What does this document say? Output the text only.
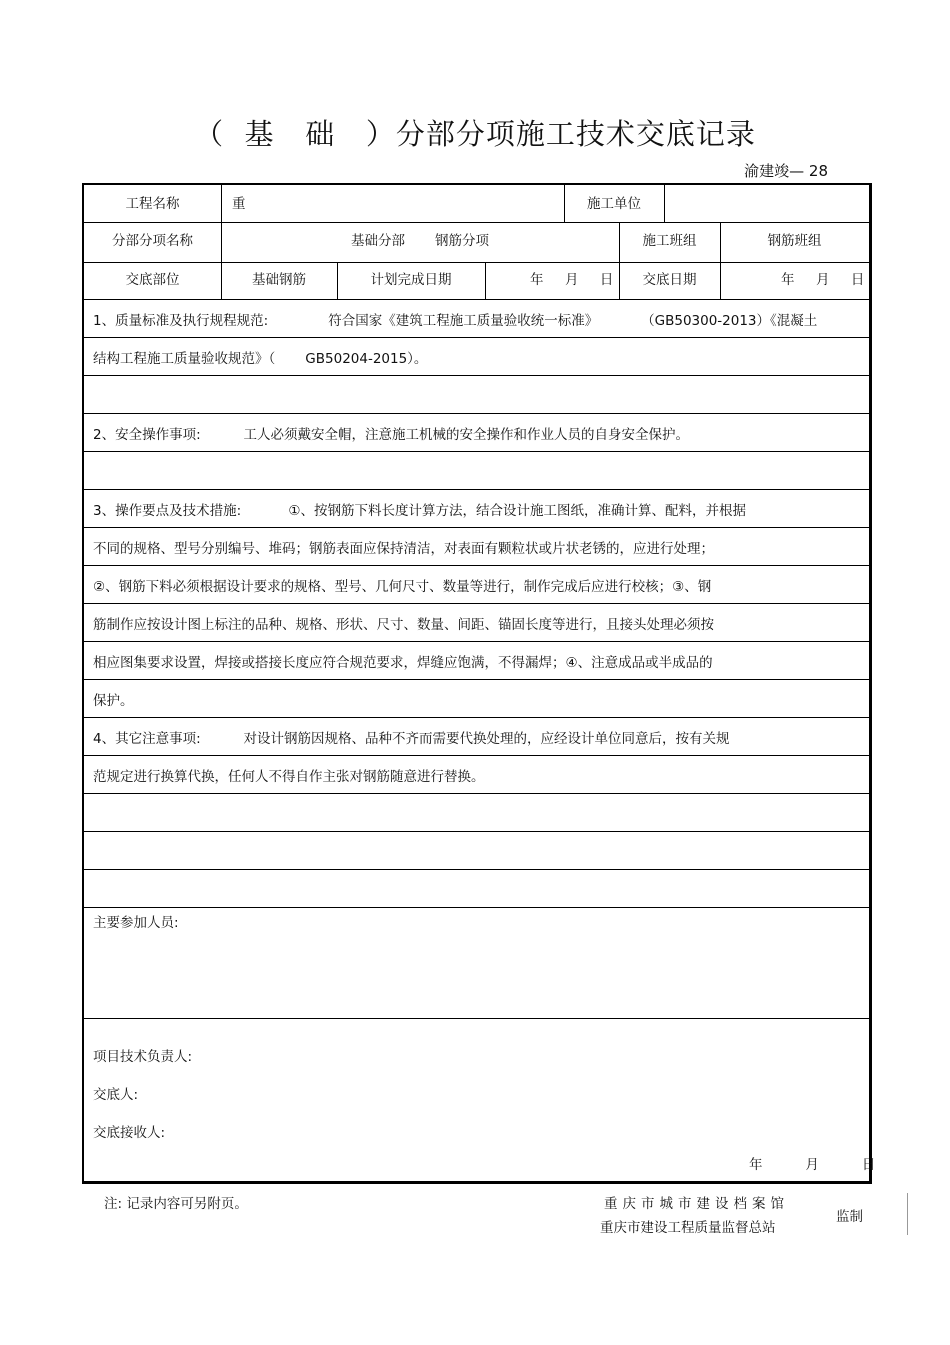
（  基   础   ）分部分项施工技术交底记录
渝建竣— 28
工程名称	重	施工单位
分部分项名称	基础分部       钢筋分项	施工班组	钢筋班组
交底部位	基础钢筋	计划完成日期	年     月     日	交底日期	年     月     日
1、质量标准及执行规程规范:              符合国家《建筑工程施工质量验收统一标准》          （GB50300-2013）《混凝土
结构工程施工质量验收规范》（       GB50204-2015）。
2、安全操作事项:          工人必须戴安全帽，注意施工机械的安全操作和作业人员的自身安全保护。
3、操作要点及技术措施:           ①、按钢筋下料长度计算方法，结合设计施工图纸，准确计算、配料，并根据
不同的规格、型号分别编号、堆码；钢筋表面应保持清洁，对表面有颗粒状或片状老锈的，应进行处理；
②、钢筋下料必须根据设计要求的规格、型号、几何尺寸、数量等进行，制作完成后应进行校核；③、钢
筋制作应按设计图上标注的品种、规格、形状、尺寸、数量、间距、锚固长度等进行，且接头处理必须按
相应图集要求设置，焊接或搭接长度应符合规范要求，焊缝应饱满，不得漏焊；④、注意成品或半成品的
保护。
4、其它注意事项:          对设计钢筋因规格、品种不齐而需要代换处理的，应经设计单位同意后，按有关规
范规定进行换算代换，任何人不得自作主张对钢筋随意进行替换。
主要参加人员:
项目技术负责人:
交底人:
交底接收人:
年          月          日
注: 记录内容可另附页。	重庆市城市建设档案馆
重庆市建设工程质量监督总站
监制
